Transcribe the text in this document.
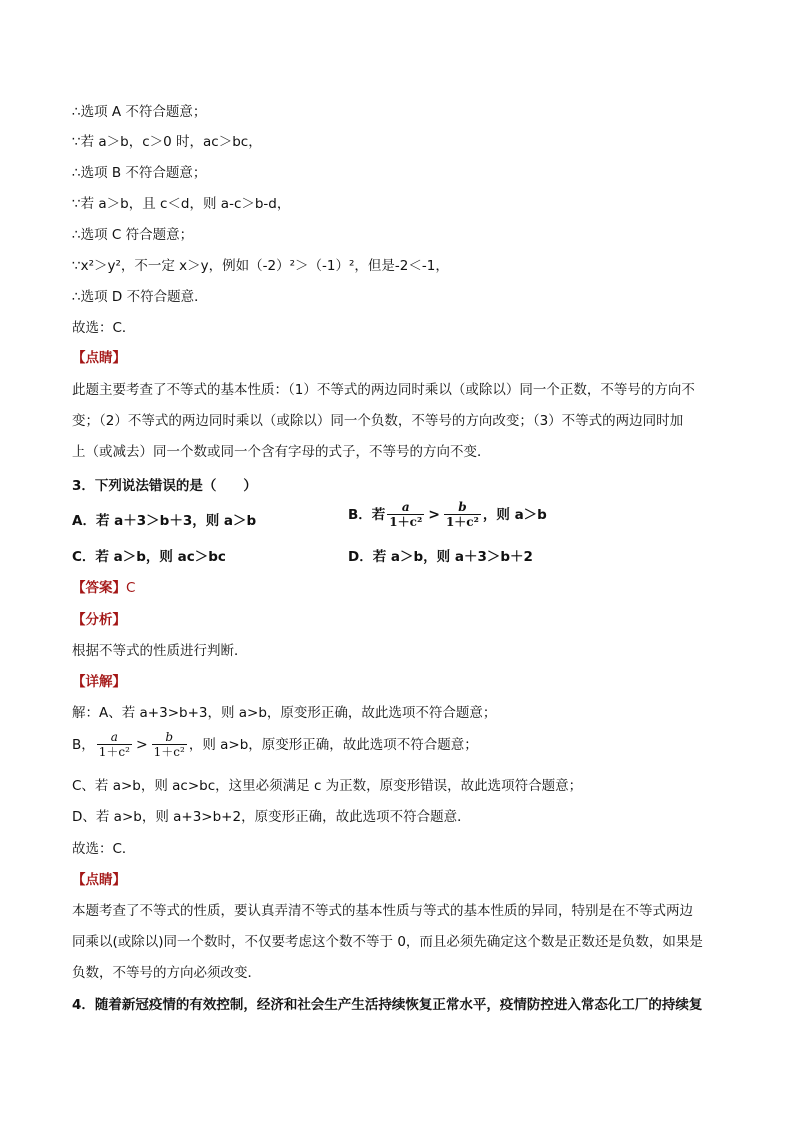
∴选项 A 不符合题意；
∵若 a＞b，c＞0 时，ac＞bc，
∴选项 B 不符合题意；
∵若 a＞b，且 c＜d，则 a-c＞b-d，
∴选项 C 符合题意；
∵x²＞y²，不一定 x＞y，例如（-2）²＞（-1）²，但是-2＜-1，
∴选项 D 不符合题意．
故选：C．
【点睛】
此题主要考查了不等式的基本性质：（1）不等式的两边同时乘以（或除以）同一个正数，不等号的方向不
变；（2）不等式的两边同时乘以（或除以）同一个负数，不等号的方向改变；（3）不等式的两边同时加
上（或减去）同一个数或同一个含有字母的式子，不等号的方向不变．
3．下列说法错误的是（　　）
A．若 a＋3＞b＋3，则 a＞b	B．若 $\frac{a}{\text{1＋c²}} > \frac{b}{\text{1＋c²}}$ ，则 a＞b
C．若 a＞b，则 ac＞bc	D．若 a＞b，则 a＋3＞b＋2
【答案】C
【分析】
根据不等式的性质进行判断．
【详解】
解：A、若 a+3>b+3，则 a>b，原变形正确，故此选项不符合题意；
B， $\frac{a}{\text{1＋c²}} > \frac{b}{\text{1＋c²}}$ ，则 a>b，原变形正确，故此选项不符合题意；
C、若 a>b，则 ac>bc，这里必须满足 c 为正数，原变形错误，故此选项符合题意；
D、若 a>b，则 a+3>b+2，原变形正确，故此选项不符合题意．
故选：C．
【点睛】
本题考查了不等式的性质，要认真弄清不等式的基本性质与等式的基本性质的异同，特别是在不等式两边
同乘以(或除以)同一个数时，不仅要考虑这个数不等于 0，而且必须先确定这个数是正数还是负数，如果是
负数，不等号的方向必须改变．
4．随着新冠疫情的有效控制，经济和社会生产生活持续恢复正常水平，疫情防控进入常态化工厂的持续复
